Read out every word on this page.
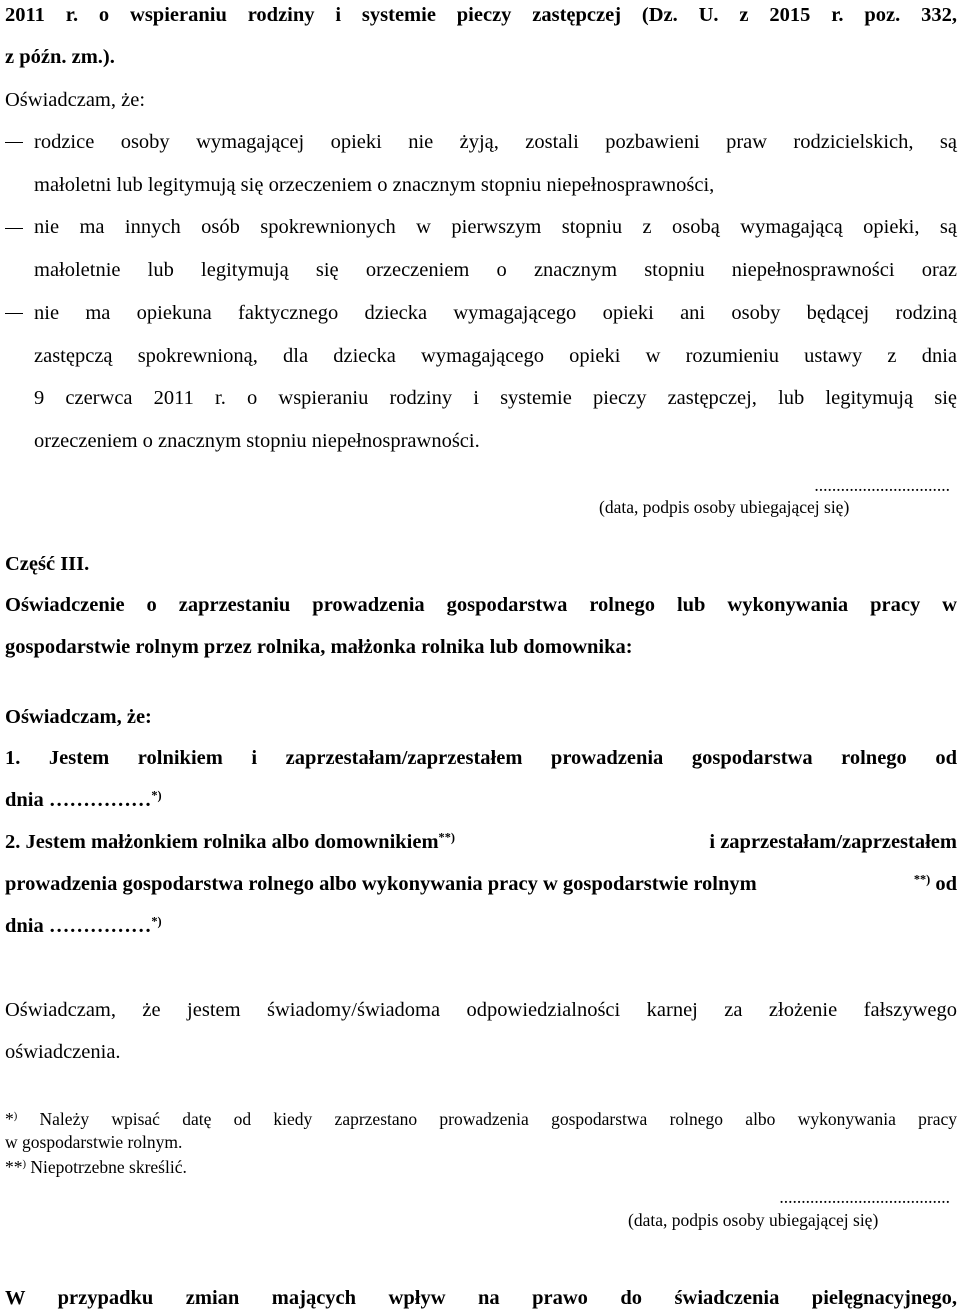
2011 r. o wspieraniu rodziny i systemie pieczy zastępczej (Dz. U. z 2015 r. poz. 332,

z późn. zm.).

Oświadczam, że:

rodzice osoby wymagającej opieki nie żyją, zostali pozbawieni praw rodzicielskich, są

małoletni lub legitymują się orzeczeniem o znacznym stopniu niepełnosprawności,

nie ma innych osób spokrewnionych w pierwszym stopniu z osobą wymagającą opieki, są

małoletnie lub legitymują się orzeczeniem o znacznym stopniu niepełnosprawności oraz

nie ma opiekuna faktycznego dziecka wymagającego opieki ani osoby będącej rodziną

zastępczą spokrewnioną, dla dziecka wymagającego opieki w rozumieniu ustawy z dnia

9 czerwca 2011 r. o wspieraniu rodziny i systemie pieczy zastępczej, lub legitymują się

orzeczeniem o znacznym stopniu niepełnosprawności.

...............................

(data, podpis osoby ubiegającej się)

Część III.

Oświadczenie o zaprzestaniu prowadzenia gospodarstwa rolnego lub wykonywania pracy w

gospodarstwie rolnym przez rolnika, małżonka rolnika lub domownika:

Oświadczam, że:

1. Jestem rolnikiem i zaprzestałam/zaprzestałem prowadzenia gospodarstwa rolnego od

dnia ……………*)

2. Jestem małżonkiem rolnika albo domownikiem**)	i zaprzestałam/zaprzestałem
prowadzenia gospodarstwa rolnego albo wykonywania pracy w gospodarstwie rolnym	**) od

dnia ……………*)

Oświadczam, że jestem świadomy/świadoma odpowiedzialności karnej za złożenie fałszywego

oświadczenia.

*) Należy wpisać datę od kiedy zaprzestano prowadzenia gospodarstwa rolnego albo wykonywania pracy

w gospodarstwie rolnym.

**) Niepotrzebne skreślić.

.......................................

(data, podpis osoby ubiegającej się)

W przypadku zmian mających wpływ na prawo do świadczenia pielęgnacyjnego,
